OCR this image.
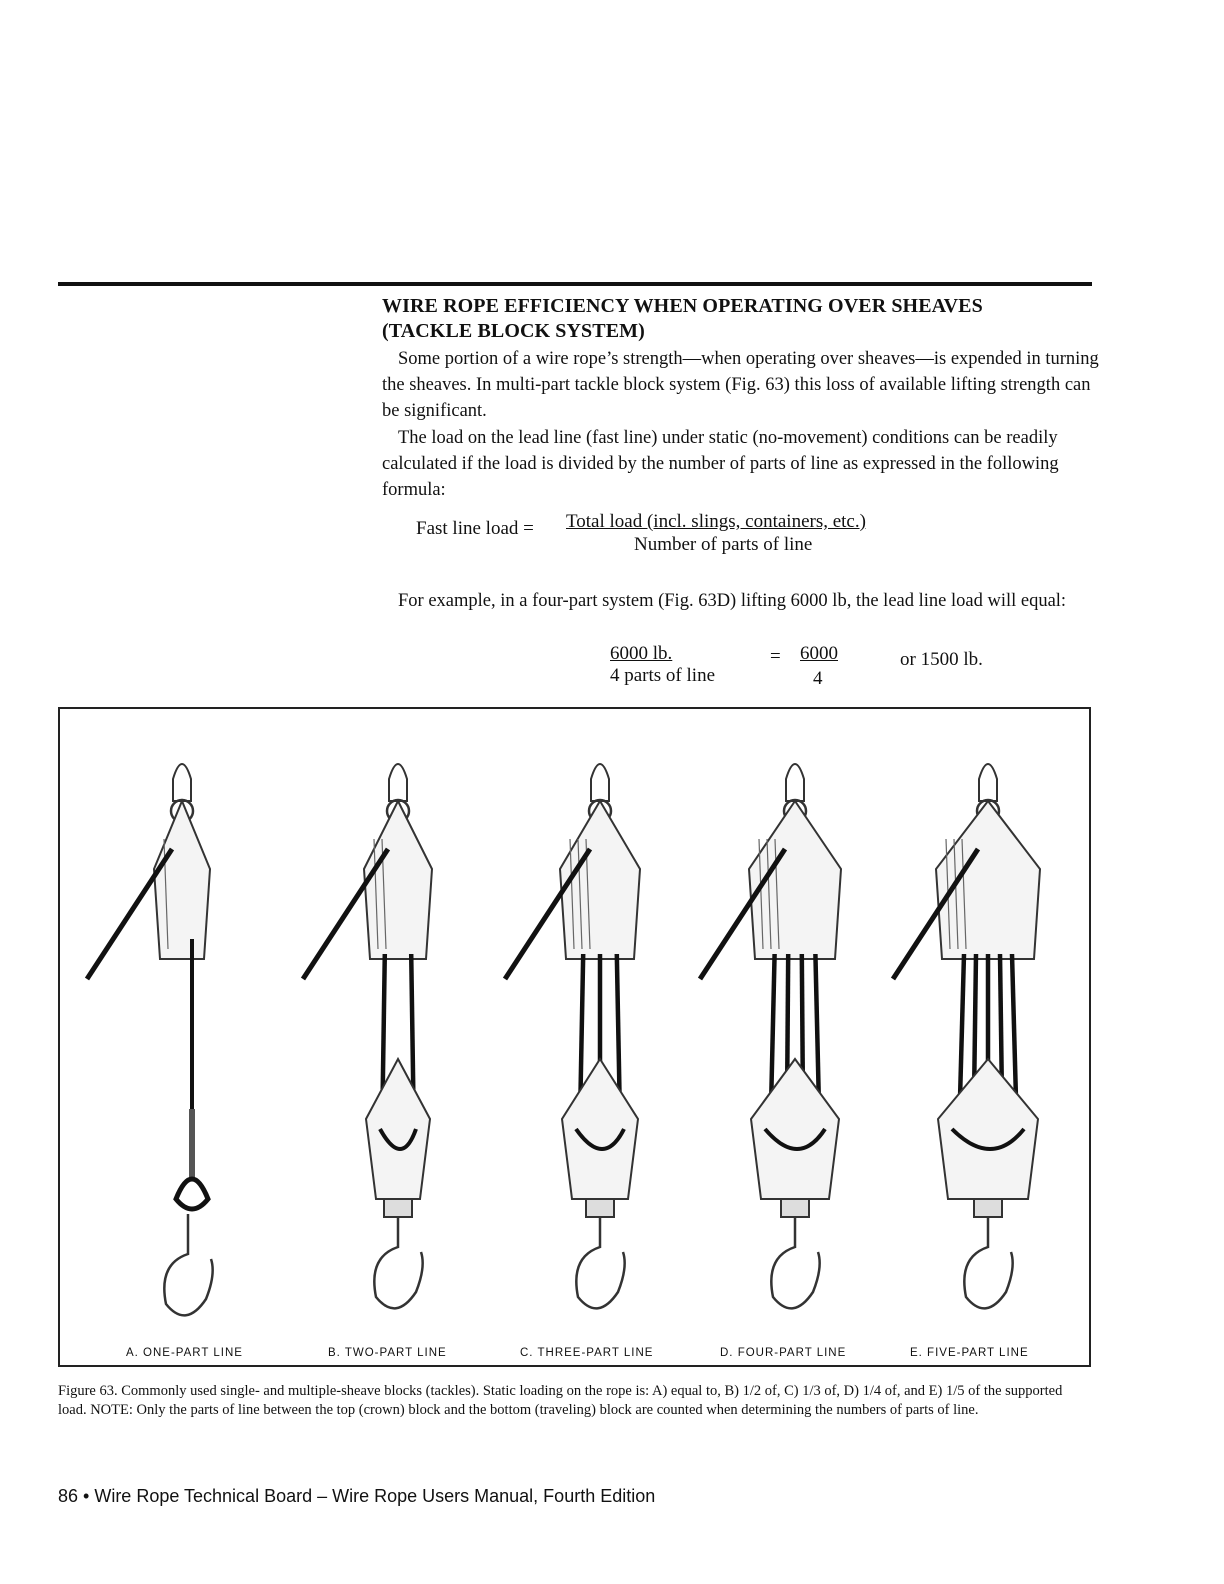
WIRE ROPE EFFICIENCY WHEN OPERATING OVER SHEAVES
(TACKLE BLOCK SYSTEM)

Some portion of a wire rope’s strength—when operating over sheaves—is expended in turning the sheaves. In multi-part tackle block system (Fig. 63) this loss of available lifting strength can be significant.

The load on the lead line (fast line) under static (no-movement) conditions can be readily calculated if the load is divided by the number of parts of line as expressed in the following formula:

Fast line load = Total load (incl. slings, containers, etc.)
Number of parts of line

For example, in a four-part system (Fig. 63D) lifting 6000 lb, the lead line load will equal:

6000 lb.
4 parts of line
= 6000
4
or 1500 lb.
A. ONE-PART LINE	B. TWO-PART LINE	C. THREE-PART LINE	D. FOUR-PART LINE	E. FIVE-PART LINE

Figure 63. Commonly used single- and multiple-sheave blocks (tackles). Static loading on the rope is: A) equal to, B) 1/2 of, C) 1/3 of, D) 1/4 of, and E) 1/5 of the supported load. NOTE: Only the parts of line between the top (crown) block and the bottom (traveling) block are counted when determining the numbers of parts of line.

86 • Wire Rope Technical Board – Wire Rope Users Manual, Fourth Edition
